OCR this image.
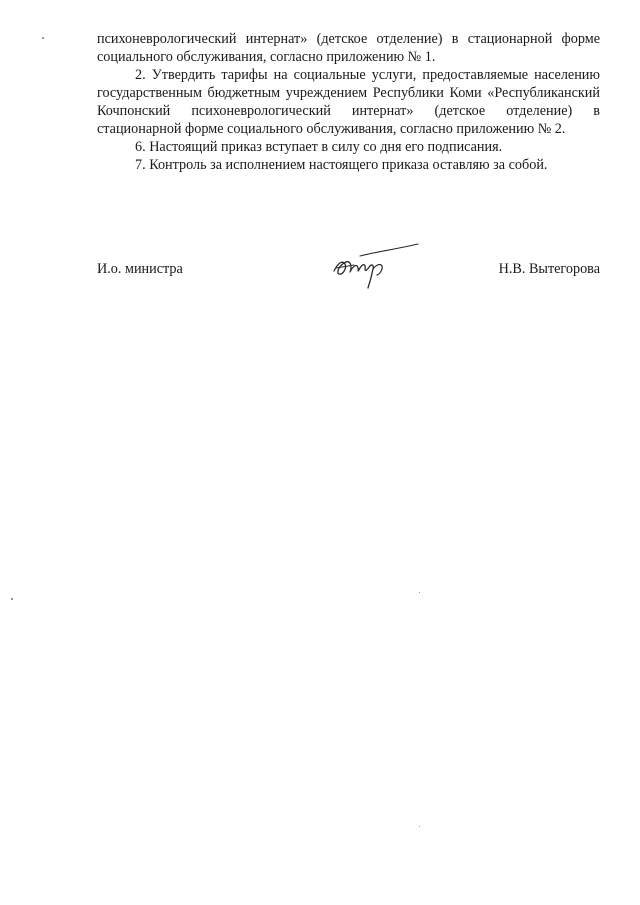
психоневрологический интернат» (детское отделение) в стационарной форме социального обслуживания, согласно приложению № 1.

2. Утвердить тарифы на социальные услуги, предоставляемые населению государственным бюджетным учреждением Республики Коми «Республиканский Кочпонский психоневрологический интернат» (детское отделение) в стационарной форме социального обслуживания, согласно приложению № 2.

6. Настоящий приказ вступает в силу со дня его подписания.

7. Контроль за исполнением настоящего приказа оставляю за собой.

И.о. министра	Н.В. Вытегорова
